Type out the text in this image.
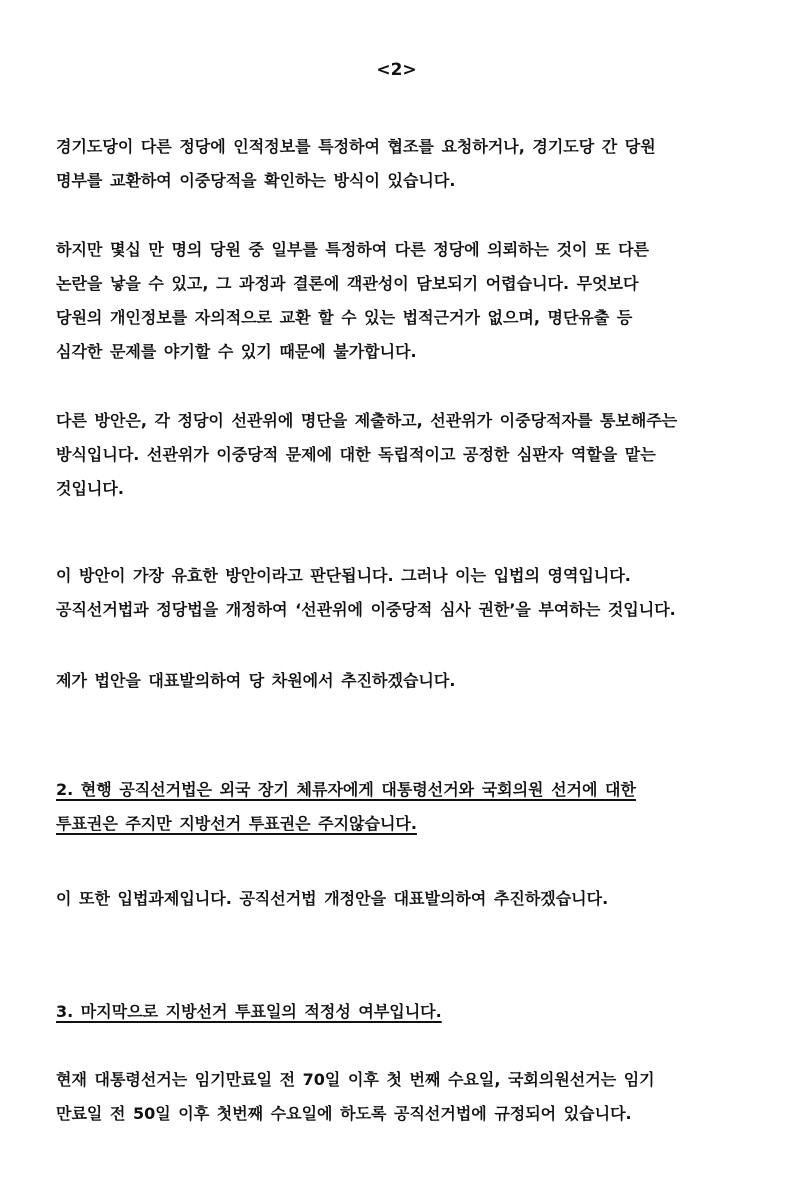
<2>
경기도당이 다른 정당에 인적정보를 특정하여 협조를 요청하거나, 경기도당 간 당원
명부를 교환하여 이중당적을 확인하는 방식이 있습니다.
하지만 몇십 만 명의 당원 중 일부를 특정하여 다른 정당에 의뢰하는 것이 또 다른
논란을 낳을 수 있고, 그 과정과 결론에 객관성이 담보되기 어렵습니다. 무엇보다
당원의 개인정보를 자의적으로 교환 할 수 있는 법적근거가 없으며, 명단유출 등
심각한 문제를 야기할 수 있기 때문에 불가합니다.
다른 방안은, 각 정당이 선관위에 명단을 제출하고, 선관위가 이중당적자를 통보해주는
방식입니다. 선관위가 이중당적 문제에 대한 독립적이고 공정한 심판자 역할을 맡는
것입니다.
이 방안이 가장 유효한 방안이라고 판단됩니다. 그러나 이는 입법의 영역입니다.
공직선거법과 정당법을 개정하여 ‘선관위에 이중당적 심사 권한’을 부여하는 것입니다.
제가 법안을 대표발의하여 당 차원에서 추진하겠습니다.
2. 현행 공직선거법은 외국 장기 체류자에게 대통령선거와 국회의원 선거에 대한
투표권은 주지만 지방선거 투표권은 주지않습니다.
이 또한 입법과제입니다. 공직선거법 개정안을 대표발의하여 추진하겠습니다.
3. 마지막으로 지방선거 투표일의 적정성 여부입니다.
현재 대통령선거는 임기만료일 전 70일 이후 첫 번째 수요일, 국회의원선거는 임기
만료일 전 50일 이후 첫번째 수요일에 하도록 공직선거법에 규정되어 있습니다.
